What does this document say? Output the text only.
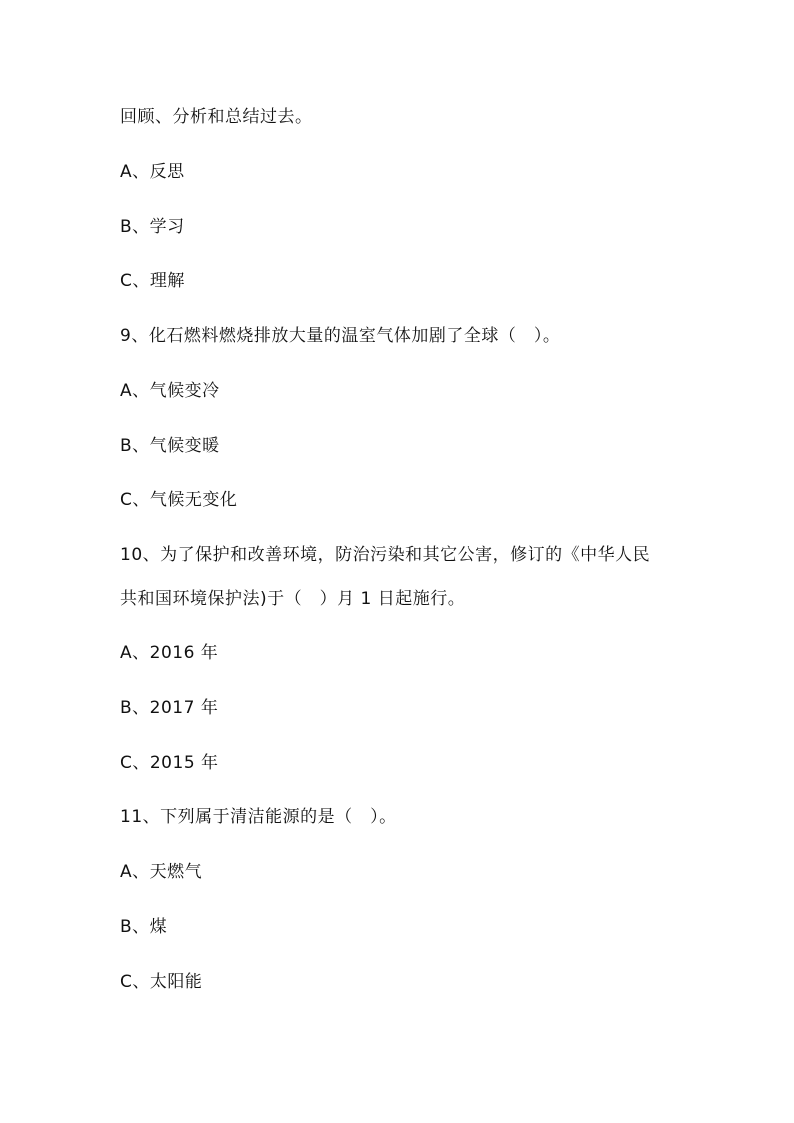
回顾、分析和总结过去。
A、反思
B、学习
C、理解
9、化石燃料燃烧排放大量的温室气体加剧了全球（　）。
A、气候变冷
B、气候变暖
C、气候无变化
10、为了保护和改善环境，防治污染和其它公害，修订的《中华人民
共和国环境保护法)于（　）月 1 日起施行。
A、2016 年
B、2017 年
C、2015 年
11、下列属于清洁能源的是（　）。
A、天燃气
B、煤
C、太阳能
